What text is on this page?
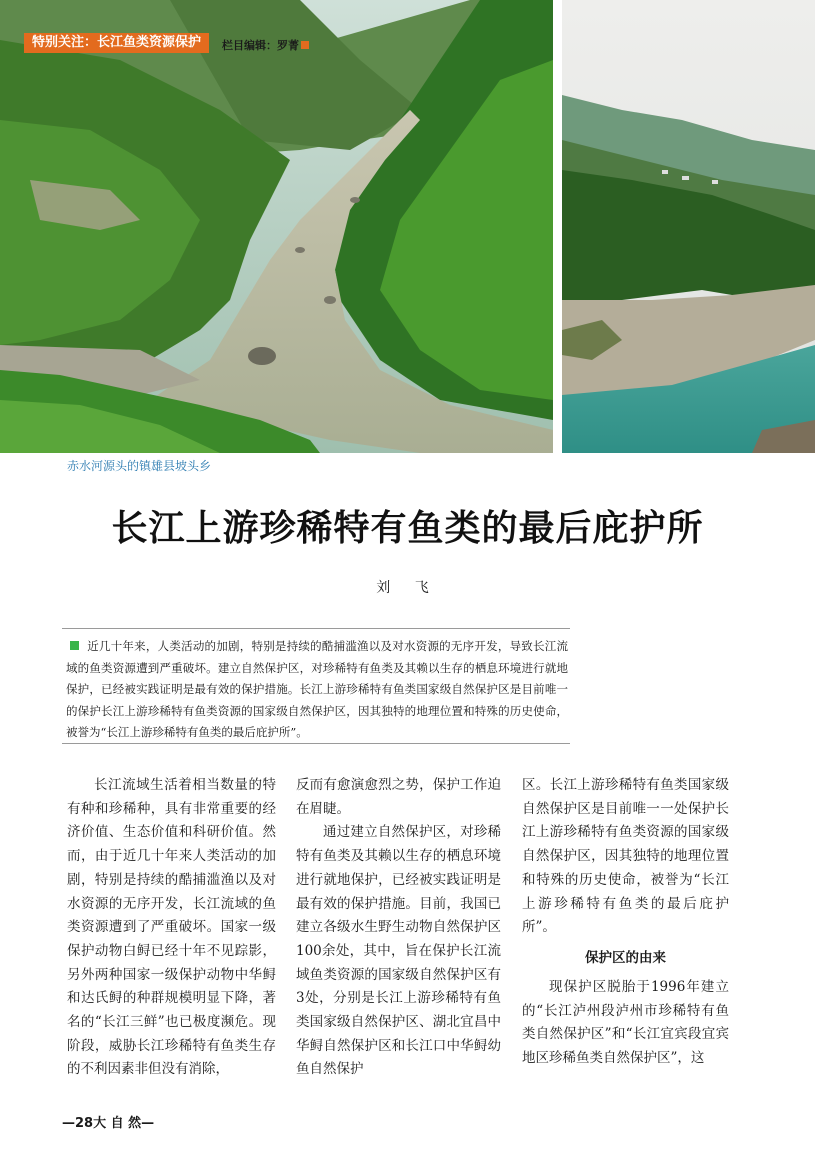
特别关注：长江鱼类资源保护	栏目编辑：罗菁
赤水河源头的镇雄县坡头乡
长江上游珍稀特有鱼类的最后庇护所
刘 飞
近几十年来，人类活动的加剧，特别是持续的酷捕滥渔以及对水资源的无序开发，导致长江流域的鱼类资源遭到严重破坏。建立自然保护区，对珍稀特有鱼类及其赖以生存的栖息环境进行就地保护，已经被实践证明是最有效的保护措施。长江上游珍稀特有鱼类国家级自然保护区是目前唯一的保护长江上游珍稀特有鱼类资源的国家级自然保护区，因其独特的地理位置和特殊的历史使命，被誉为“长江上游珍稀特有鱼类的最后庇护所”。

长江流域生活着相当数量的特有种和珍稀种，具有非常重要的经济价值、生态价值和科研价值。然而，由于近几十年来人类活动的加剧，特别是持续的酷捕滥渔以及对水资源的无序开发，长江流域的鱼类资源遭到了严重破坏。国家一级保护动物白鲟已经十年不见踪影，另外两种国家一级保护动物中华鲟和达氏鲟的种群规模明显下降，著名的“长江三鲜”也已极度濒危。现阶段，威胁长江珍稀特有鱼类生存的不利因素非但没有消除，

反而有愈演愈烈之势，保护工作迫在眉睫。

通过建立自然保护区，对珍稀特有鱼类及其赖以生存的栖息环境进行就地保护，已经被实践证明是最有效的保护措施。目前，我国已建立各级水生野生动物自然保护区100余处，其中，旨在保护长江流域鱼类资源的国家级自然保护区有3处，分别是长江上游珍稀特有鱼类国家级自然保护区、湖北宜昌中华鲟自然保护区和长江口中华鲟幼鱼自然保护

区。长江上游珍稀特有鱼类国家级自然保护区是目前唯一一处保护长江上游珍稀特有鱼类资源的国家级自然保护区，因其独特的地理位置和特殊的历史使命，被誉为“长江上游珍稀特有鱼类的最后庇护所”。

保护区的由来

现保护区脱胎于1996年建立的“长江泸州段泸州市珍稀特有鱼类自然保护区”和“长江宜宾段宜宾地区珍稀鱼类自然保护区”，这

—28大 自 然—
